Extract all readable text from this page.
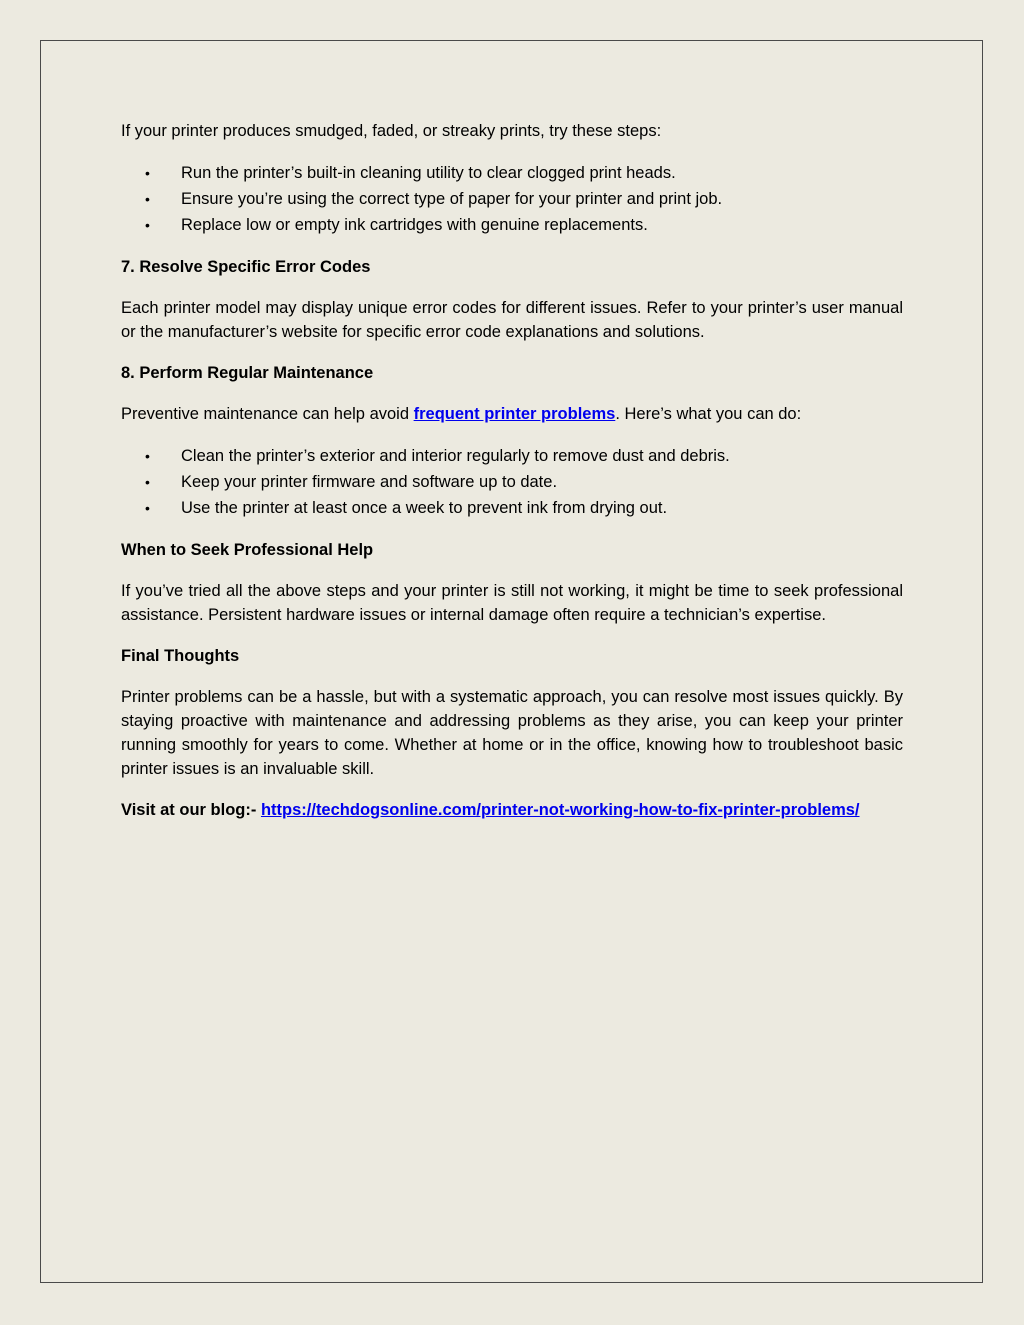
If your printer produces smudged, faded, or streaky prints, try these steps:

• Run the printer’s built-in cleaning utility to clear clogged print heads.
• Ensure you’re using the correct type of paper for your printer and print job.
• Replace low or empty ink cartridges with genuine replacements.
7. Resolve Specific Error Codes

Each printer model may display unique error codes for different issues. Refer to your printer’s user manual or the manufacturer’s website for specific error code explanations and solutions.

8. Perform Regular Maintenance

Preventive maintenance can help avoid frequent printer problems. Here’s what you can do:

• Clean the printer’s exterior and interior regularly to remove dust and debris.
• Keep your printer firmware and software up to date.
• Use the printer at least once a week to prevent ink from drying out.
When to Seek Professional Help

If you’ve tried all the above steps and your printer is still not working, it might be time to seek professional assistance. Persistent hardware issues or internal damage often require a technician’s expertise.

Final Thoughts

Printer problems can be a hassle, but with a systematic approach, you can resolve most issues quickly. By staying proactive with maintenance and addressing problems as they arise, you can keep your printer running smoothly for years to come. Whether at home or in the office, knowing how to troubleshoot basic printer issues is an invaluable skill.

Visit at our blog:- https://techdogsonline.com/printer-not-working-how-to-fix-printer-problems/
